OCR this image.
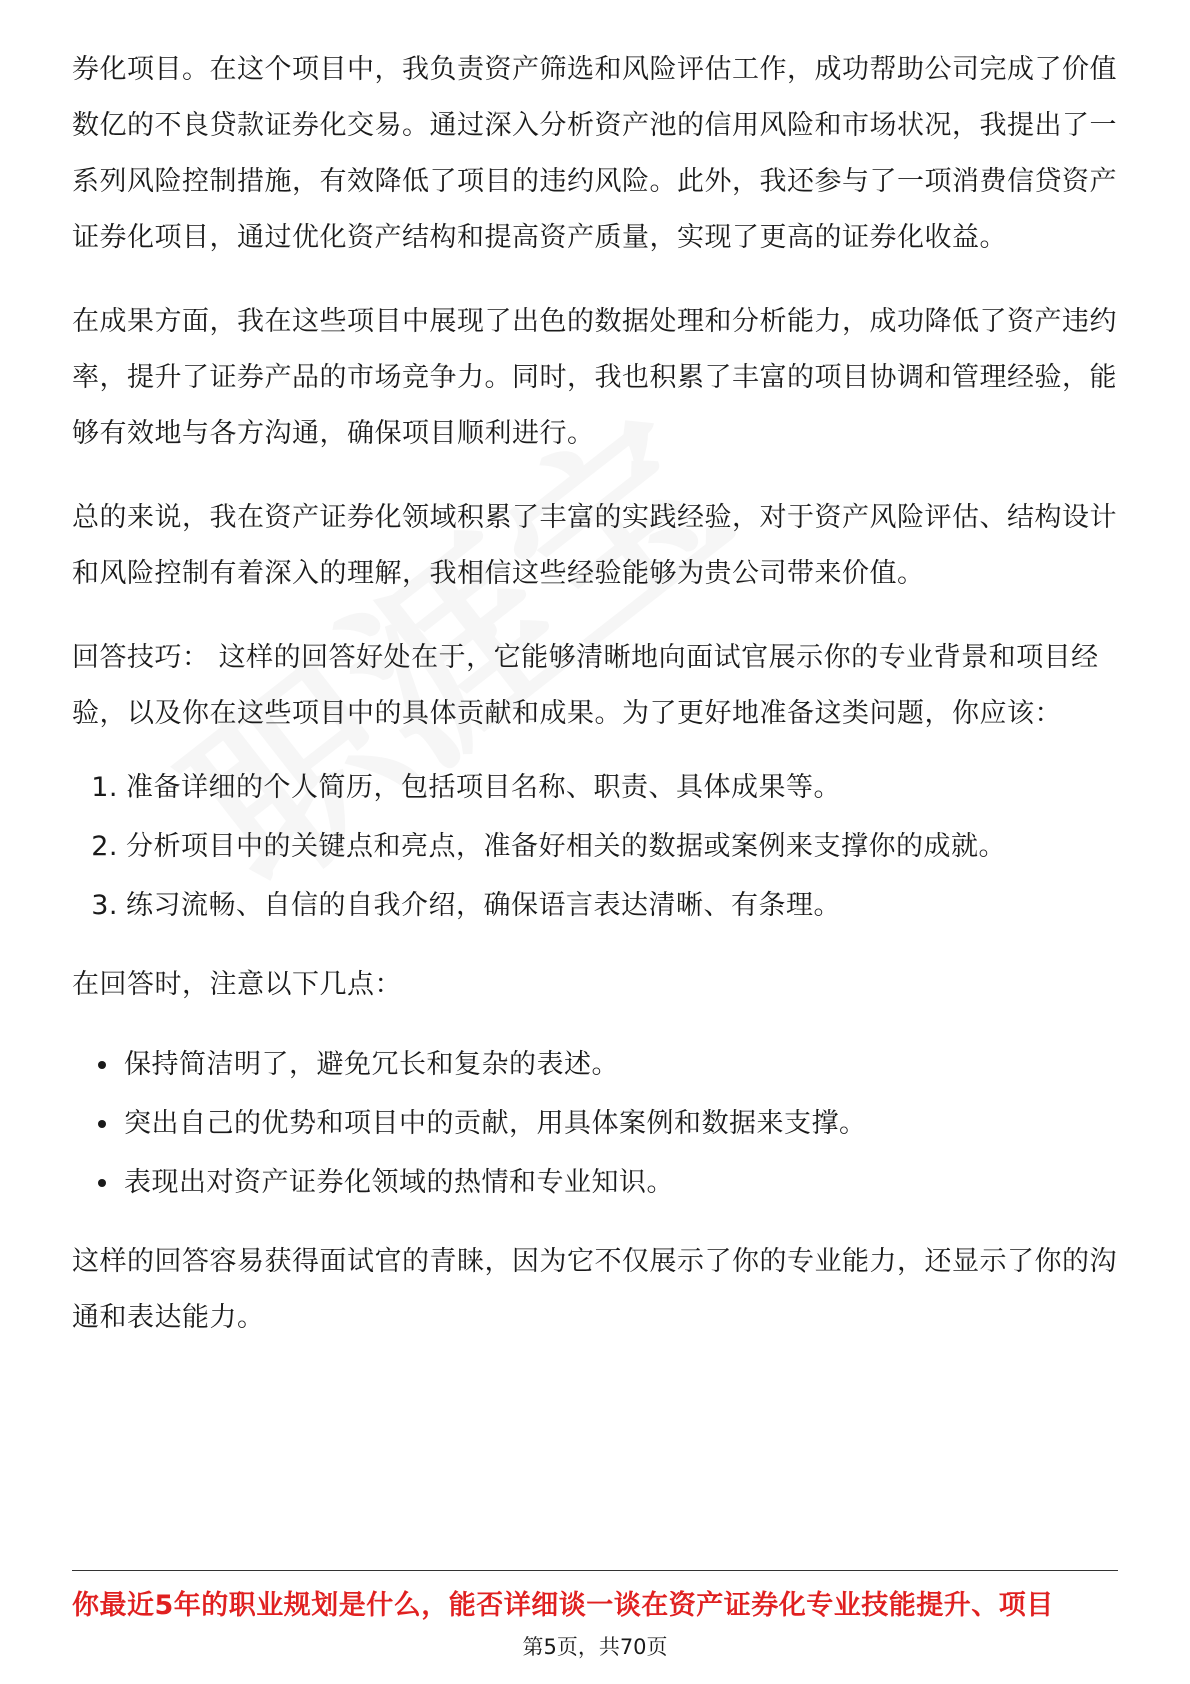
券化项目。在这个项目中，我负责资产筛选和风险评估工作，成功帮助公司完成了价值数亿的不良贷款证券化交易。通过深入分析资产池的信用风险和市场状况，我提出了一系列风险控制措施，有效降低了项目的违约风险。此外，我还参与了一项消费信贷资产证券化项目，通过优化资产结构和提高资产质量，实现了更高的证券化收益。

在成果方面，我在这些项目中展现了出色的数据处理和分析能力，成功降低了资产违约率，提升了证券产品的市场竞争力。同时，我也积累了丰富的项目协调和管理经验，能够有效地与各方沟通，确保项目顺利进行。

总的来说，我在资产证券化领域积累了丰富的实践经验，对于资产风险评估、结构设计和风险控制有着深入的理解，我相信这些经验能够为贵公司带来价值。

回答技巧： 这样的回答好处在于，它能够清晰地向面试官展示你的专业背景和项目经验，以及你在这些项目中的具体贡献和成果。为了更好地准备这类问题，你应该：

1. 准备详细的个人简历，包括项目名称、职责、具体成果等。
2. 分析项目中的关键点和亮点，准备好相关的数据或案例来支撑你的成就。
3. 练习流畅、自信的自我介绍，确保语言表达清晰、有条理。

在回答时，注意以下几点：

保持简洁明了，避免冗长和复杂的表述。
突出自己的优势和项目中的贡献，用具体案例和数据来支撑。
表现出对资产证券化领域的热情和专业知识。

这样的回答容易获得面试官的青睐，因为它不仅展示了你的专业能力，还显示了你的沟通和表达能力。

你最近5年的职业规划是什么，能否详细谈一谈在资产证券化专业技能提升、项目
第5页，共70页
